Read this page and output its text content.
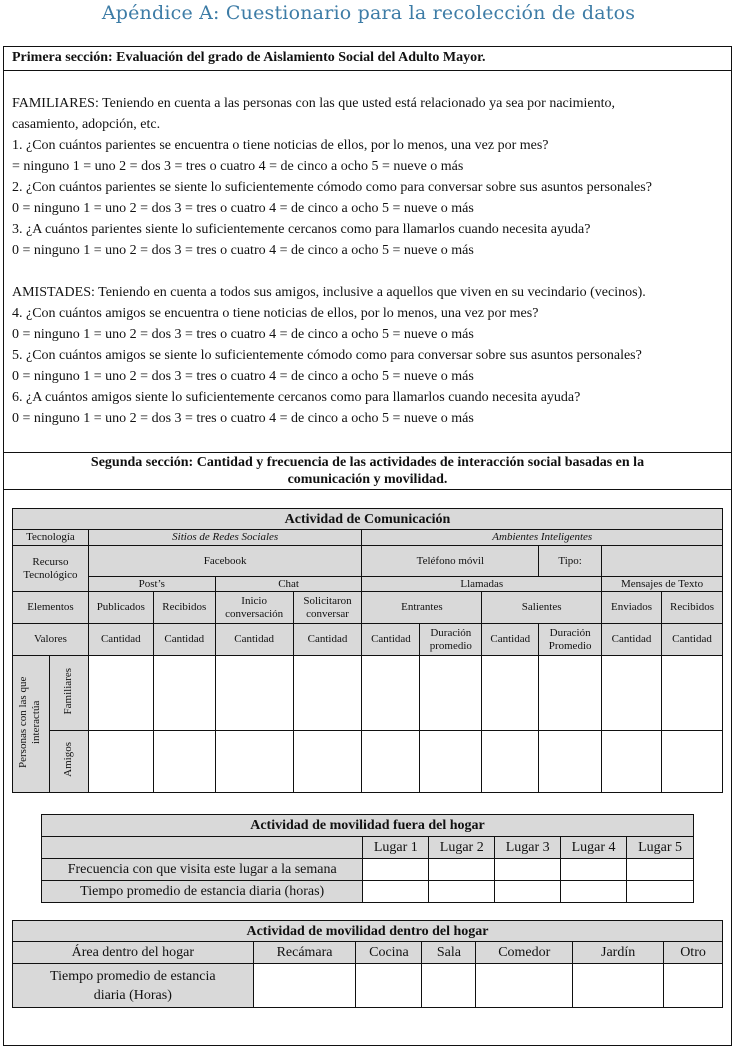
Apéndice A: Cuestionario para la recolección de datos
Primera sección: Evaluación del grado de Aislamiento Social del Adulto Mayor.
FAMILIARES: Teniendo en cuenta a las personas con las que usted está relacionado ya sea por nacimiento,
casamiento, adopción, etc.
1. ¿Con cuántos parientes se encuentra o tiene noticias de ellos, por lo menos, una vez por mes?
= ninguno 1 = uno 2 = dos 3 = tres o cuatro 4 = de cinco a ocho 5 = nueve o más
2. ¿Con cuántos parientes se siente lo suficientemente cómodo como para conversar sobre sus asuntos personales?
0 = ninguno 1 = uno 2 = dos 3 = tres o cuatro 4 = de cinco a ocho 5 = nueve o más
3. ¿A cuántos parientes siente lo suficientemente cercanos como para llamarlos cuando necesita ayuda?
0 = ninguno 1 = uno 2 = dos 3 = tres o cuatro 4 = de cinco a ocho 5 = nueve o más
AMISTADES: Teniendo en cuenta a todos sus amigos, inclusive a aquellos que viven en su vecindario (vecinos).
4. ¿Con cuántos amigos se encuentra o tiene noticias de ellos, por lo menos, una vez por mes?
0 = ninguno 1 = uno 2 = dos 3 = tres o cuatro 4 = de cinco a ocho 5 = nueve o más
5. ¿Con cuántos amigos se siente lo suficientemente cómodo como para conversar sobre sus asuntos personales?
0 = ninguno 1 = uno 2 = dos 3 = tres o cuatro 4 = de cinco a ocho 5 = nueve o más
6. ¿A cuántos amigos siente lo suficientemente cercanos como para llamarlos cuando necesita ayuda?
0 = ninguno 1 = uno 2 = dos 3 = tres o cuatro 4 = de cinco a ocho 5 = nueve o más
Segunda sección: Cantidad y frecuencia de las actividades de interacción social basadas en la
comunicación y movilidad.
Actividad de Comunicación											
Tecnología		Sitios de Redes Sociales				Ambientes Inteligentes					
Recurso Tecnológico		Facebook				Teléfono móvil			Tipo:		
		Post’s		Chat		Llamadas				Mensajes de Texto	
Elementos		Publicados	Recibidos	Inicio conversación	Solicitaron conversar	Entrantes		Salientes		Enviados	Recibidos
Valores		Cantidad	Cantidad	Cantidad	Cantidad	Cantidad	Duración promedio	Cantidad	Duración Promedio	Cantidad	Cantidad
Personas con las que interactúa	Familiares										
	Amigos										
Actividad de movilidad fuera del hogar					
	Lugar 1	Lugar 2	Lugar 3	Lugar 4	Lugar 5
Frecuencia con que visita este lugar a la semana					
Tiempo promedio de estancia diaria (horas)					
Actividad de movilidad dentro del hogar						
Área dentro del hogar	Recámara	Cocina	Sala	Comedor	Jardín	Otro
Tiempo promedio de estancia diaria (Horas)						
